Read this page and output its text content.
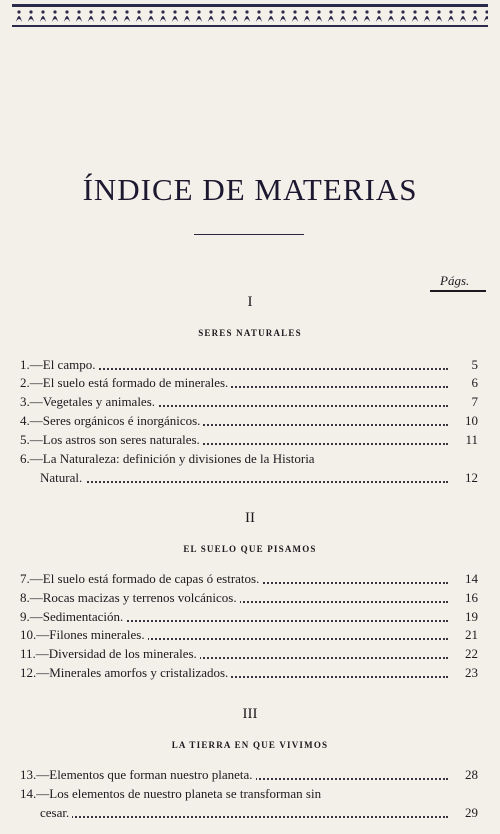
ÍNDICE DE MATERIAS
Págs.
I
SERES NATURALES
1.—El campo.	5
2.—El suelo está formado de minerales.	6
3.—Vegetales y animales.	7
4.—Seres orgánicos é inorgánicos.	10
5.—Los astros son seres naturales.	11
6.—La Naturaleza: definición y divisiones de la Historia
Natural.	12
II
EL SUELO QUE PISAMOS
7.—El suelo está formado de capas ó estratos.	14
8.—Rocas macizas y terrenos volcánicos.	16
9.—Sedimentación.	19
10.—Filones minerales.	21
11.—Diversidad de los minerales.	22
12.—Minerales amorfos y cristalizados.	23
III
LA TIERRA EN QUE VIVIMOS
13.—Elementos que forman nuestro planeta.	28
14.—Los elementos de nuestro planeta se transforman sin
cesar.	29
